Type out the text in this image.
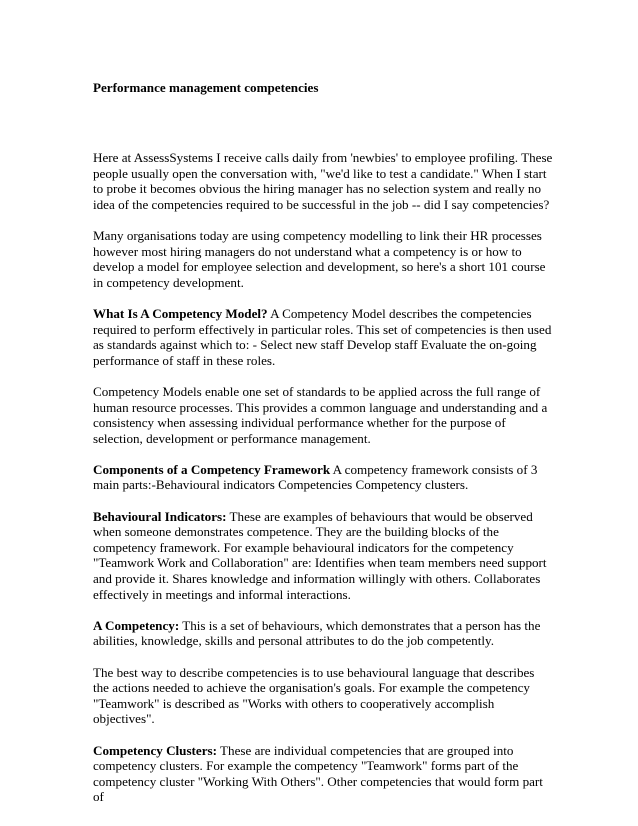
Performance management competencies

Here at AssessSystems I receive calls daily from 'newbies' to employee profiling. These people usually open the conversation with, "we'd like to test a candidate." When I start to probe it becomes obvious the hiring manager has no selection system and really no idea of the competencies required to be successful in the job -- did I say competencies?

Many organisations today are using competency modelling to link their HR processes however most hiring managers do not understand what a competency is or how to develop a model for employee selection and development, so here's a short 101 course in competency development.

What Is A Competency Model? A Competency Model describes the competencies required to perform effectively in particular roles. This set of competencies is then used as standards against which to: - Select new staff Develop staff Evaluate the on-going performance of staff in these roles.

Competency Models enable one set of standards to be applied across the full range of human resource processes. This provides a common language and understanding and a consistency when assessing individual performance whether for the purpose of selection, development or performance management.

Components of a Competency Framework A competency framework consists of 3 main parts:-Behavioural indicators Competencies Competency clusters.

Behavioural Indicators: These are examples of behaviours that would be observed when someone demonstrates competence. They are the building blocks of the competency framework. For example behavioural indicators for the competency "Teamwork Work and Collaboration" are: Identifies when team members need support and provide it. Shares knowledge and information willingly with others. Collaborates effectively in meetings and informal interactions.

A Competency: This is a set of behaviours, which demonstrates that a person has the abilities, knowledge, skills and personal attributes to do the job competently.

The best way to describe competencies is to use behavioural language that describes the actions needed to achieve the organisation's goals. For example the competency "Teamwork" is described as "Works with others to cooperatively accomplish objectives".

Competency Clusters: These are individual competencies that are grouped into competency clusters. For example the competency "Teamwork" forms part of the competency cluster "Working With Others". Other competencies that would form part of
